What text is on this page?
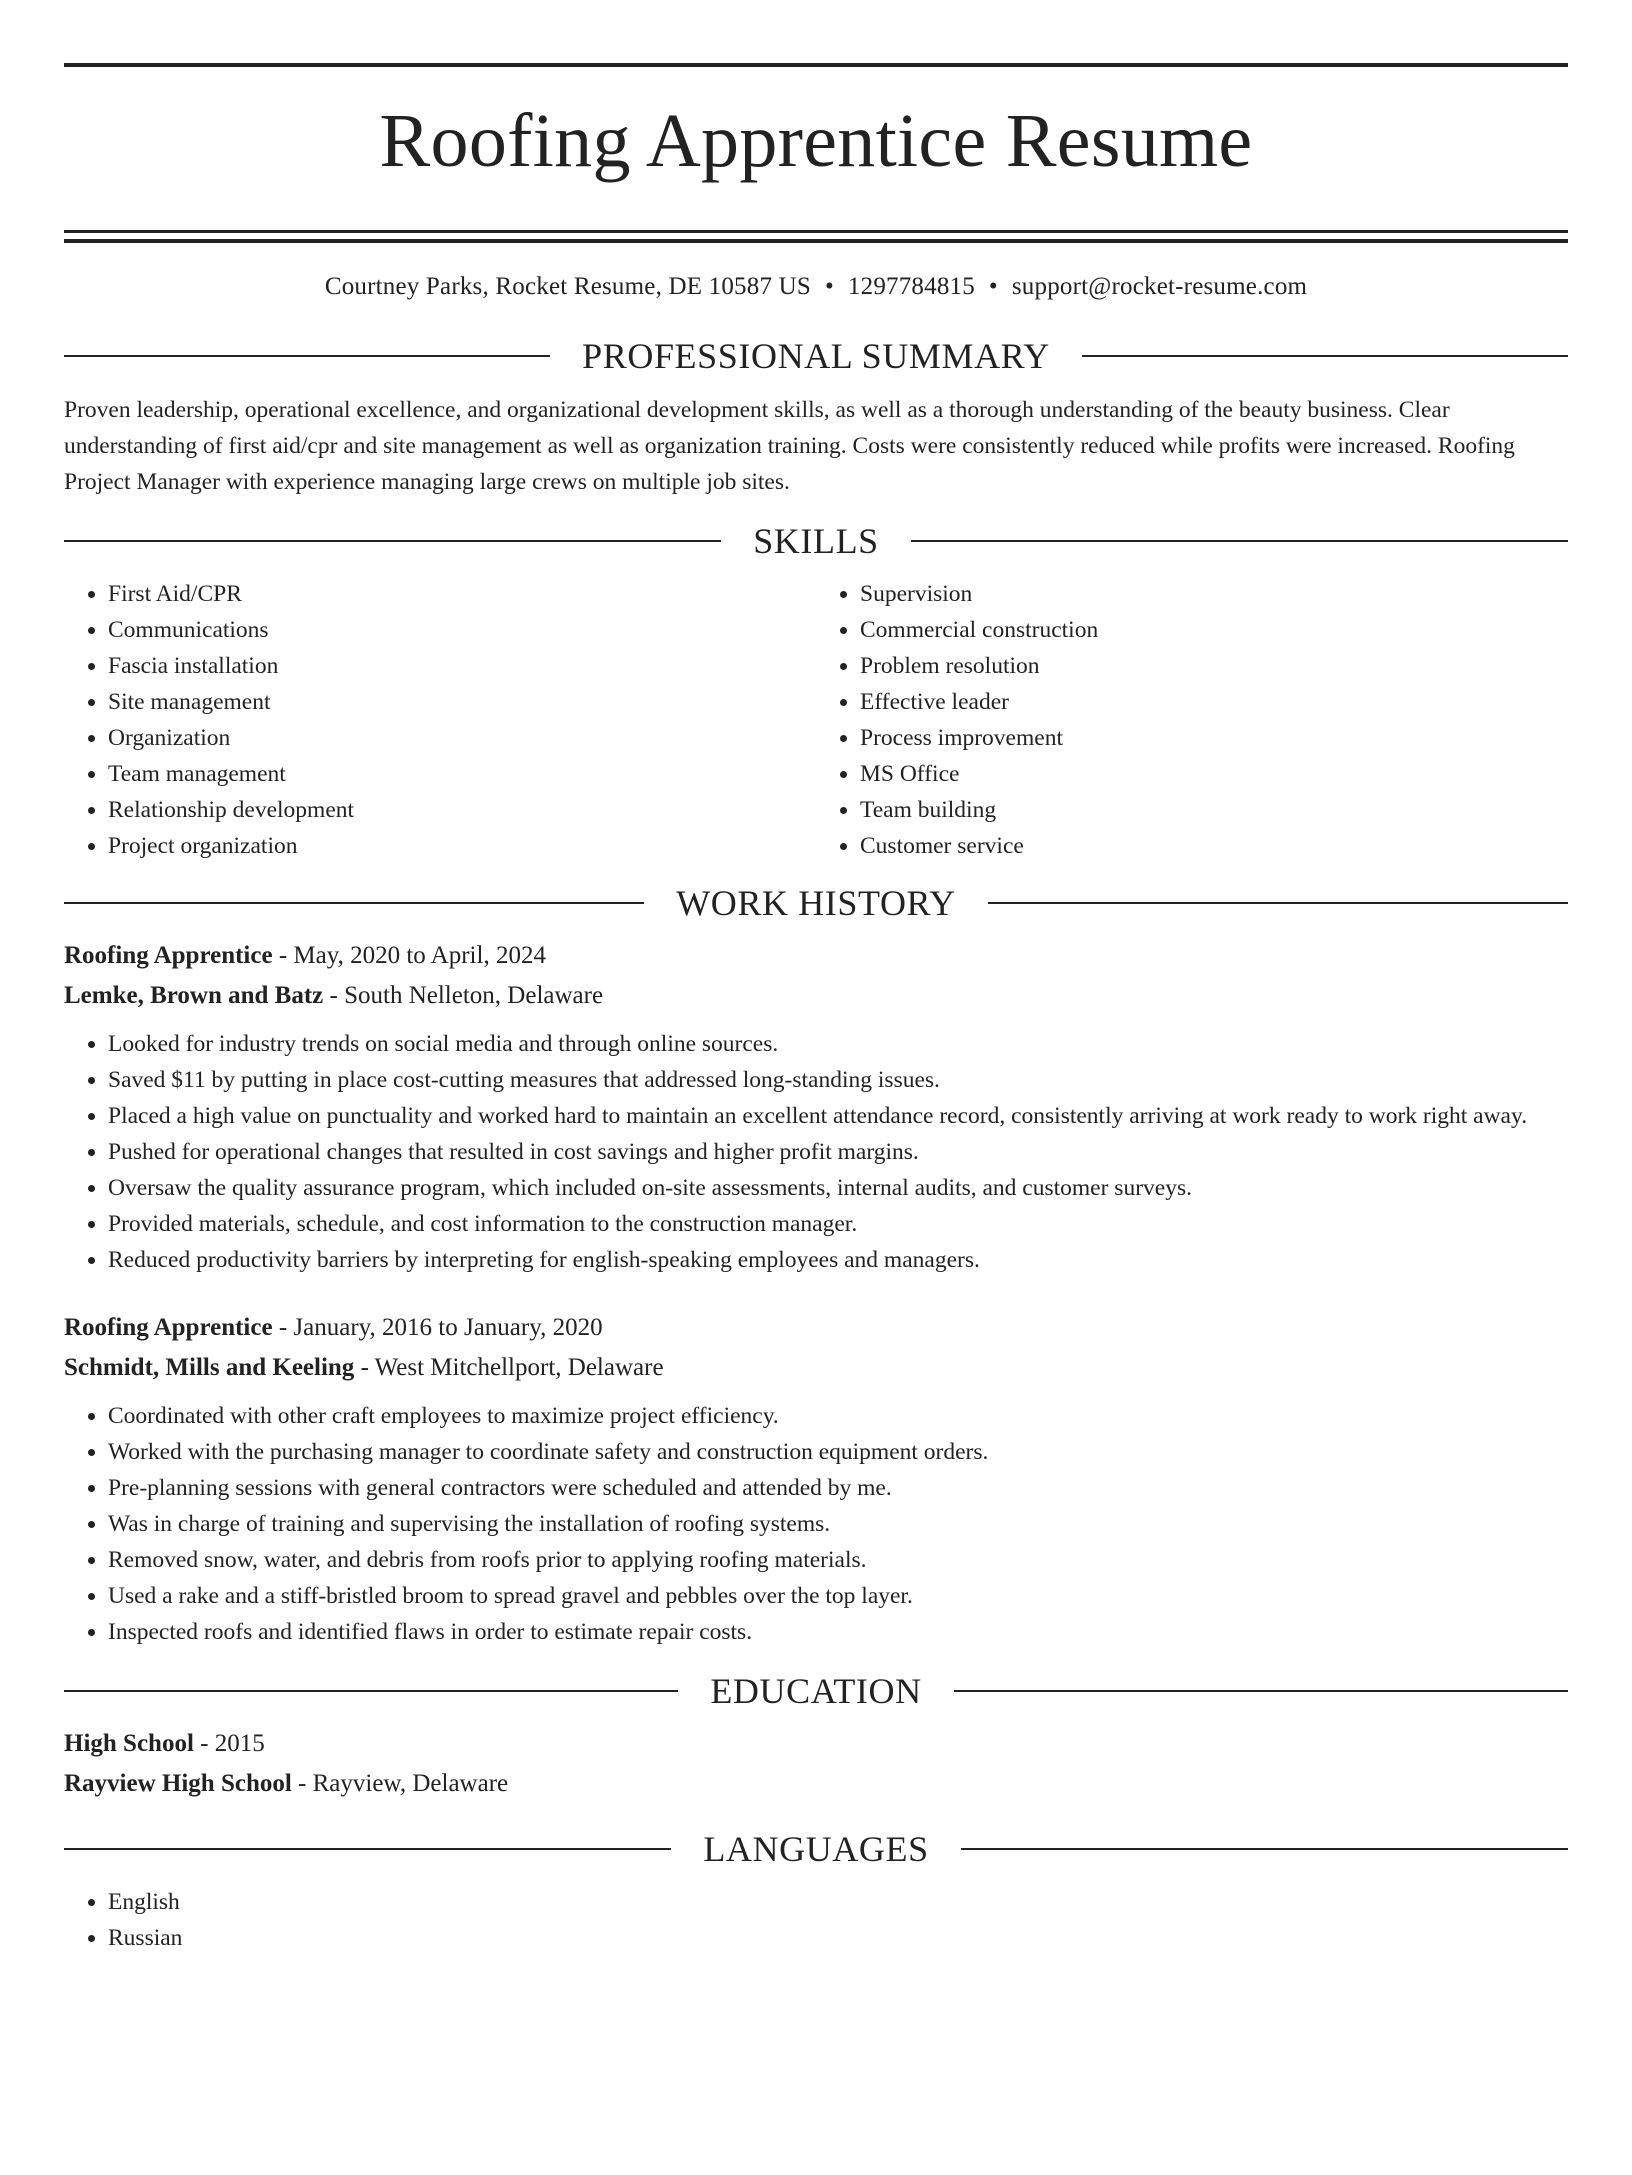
Roofing Apprentice Resume
Courtney Parks, Rocket Resume, DE 10587 US • 1297784815 • support@rocket-resume.com
PROFESSIONAL SUMMARY

Proven leadership, operational excellence, and organizational development skills, as well as a thorough understanding of the beauty business. Clear understanding of first aid/cpr and site management as well as organization training. Costs were consistently reduced while profits were increased. Roofing Project Manager with experience managing large crews on multiple job sites.

SKILLS
• First Aid/CPR
• Communications
• Fascia installation
• Site management
• Organization
• Team management
• Relationship development
• Project organization
• Supervision
• Commercial construction
• Problem resolution
• Effective leader
• Process improvement
• MS Office
• Team building
• Customer service
WORK HISTORY
Roofing Apprentice - May, 2020 to April, 2024
Lemke, Brown and Batz - South Nelleton, Delaware
• Looked for industry trends on social media and through online sources.
• Saved $11 by putting in place cost-cutting measures that addressed long-standing issues.
• Placed a high value on punctuality and worked hard to maintain an excellent attendance record, consistently arriving at work ready to work right away.
• Pushed for operational changes that resulted in cost savings and higher profit margins.
• Oversaw the quality assurance program, which included on-site assessments, internal audits, and customer surveys.
• Provided materials, schedule, and cost information to the construction manager.
• Reduced productivity barriers by interpreting for english-speaking employees and managers.
Roofing Apprentice - January, 2016 to January, 2020
Schmidt, Mills and Keeling - West Mitchellport, Delaware
• Coordinated with other craft employees to maximize project efficiency.
• Worked with the purchasing manager to coordinate safety and construction equipment orders.
• Pre-planning sessions with general contractors were scheduled and attended by me.
• Was in charge of training and supervising the installation of roofing systems.
• Removed snow, water, and debris from roofs prior to applying roofing materials.
• Used a rake and a stiff-bristled broom to spread gravel and pebbles over the top layer.
• Inspected roofs and identified flaws in order to estimate repair costs.
EDUCATION
High School - 2015
Rayview High School - Rayview, Delaware
LANGUAGES
• English
• Russian
